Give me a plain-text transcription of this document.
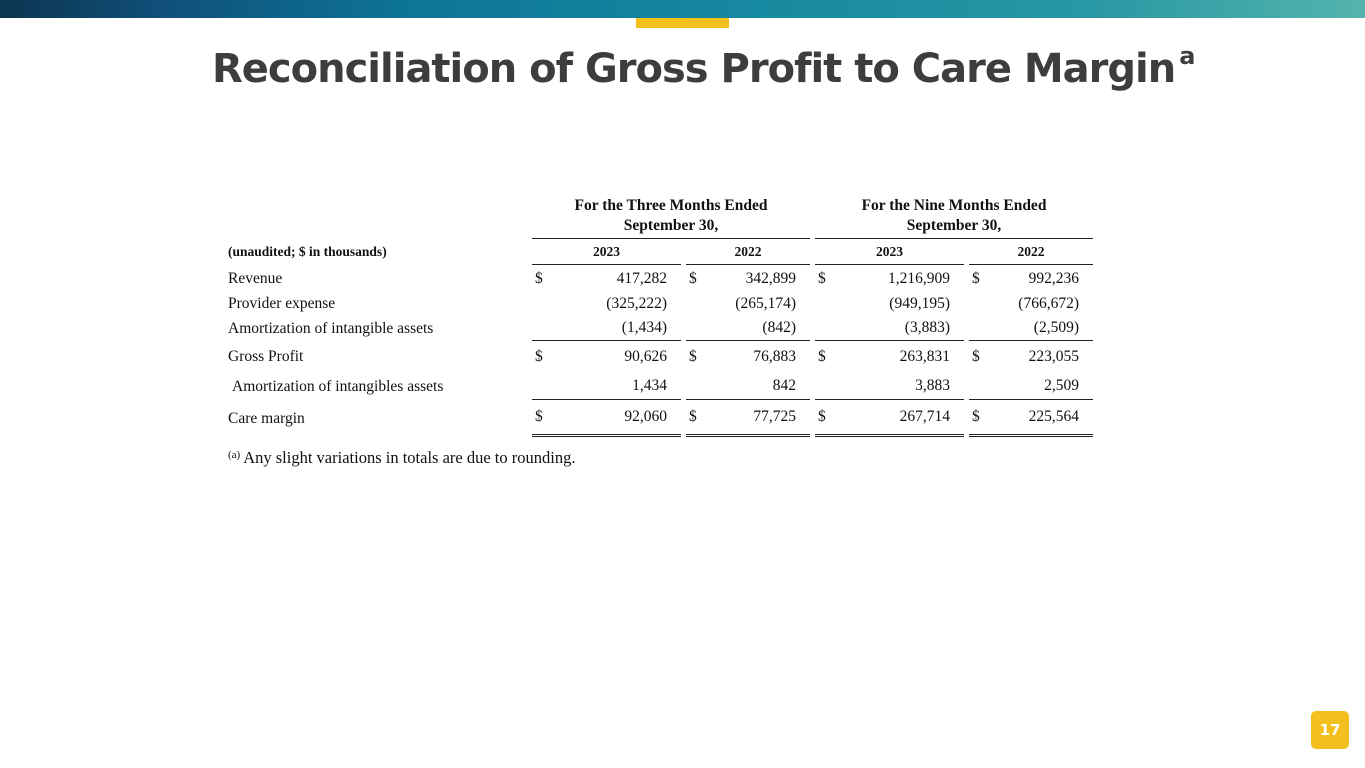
Reconciliation of Gross Profit to Care Margin $^a$
	For the Three Months Ended
September 30,					For the Nine Months Ended
September 30,			
(unaudited; $ in thousands)	2023			2022		2023			2022
Revenue	$	417,282		$ 342,899		$	1,216,909		$ 992,236
Provider expense		(325,222)		(265,174)			(949,195)		(766,672)
Amortization of intangible assets		(1,434)		(842)			(3,883)		(2,509)
Gross Profit	$	90,626		$ 76,883		$	263,831		$ 223,055
Amortization of intangibles assets		1,434		842			3,883		2,509
Care margin	$	92,060		$ 77,725		$	267,714		$ 225,564

$^{(a)}$ Any slight variations in totals are due to rounding.

17
